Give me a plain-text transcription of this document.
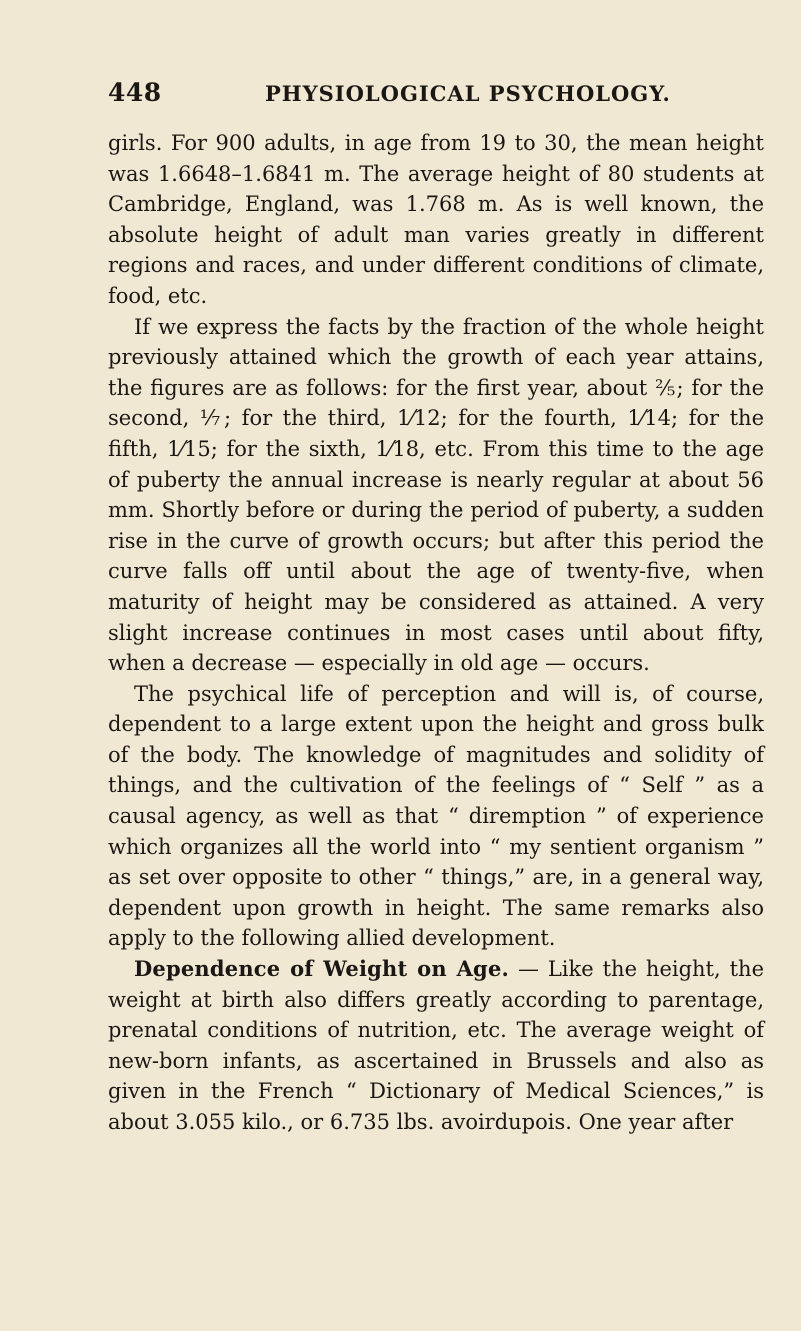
448	PHYSIOLOGICAL PSYCHOLOGY.

girls. For 900 adults, in age from 19 to 30, the mean height was 1.6648–1.6841 m. The average height of 80 students at Cambridge, England, was 1.768 m. As is well known, the absolute height of adult man varies greatly in different regions and races, and under different conditions of climate, food, etc.

If we express the facts by the fraction of the whole height previously attained which the growth of each year attains, the figures are as follows: for the first year, about ⅖; for the second, ⅐; for the third, 1⁄12; for the fourth, 1⁄14; for the fifth, 1⁄15; for the sixth, 1⁄18, etc. From this time to the age of puberty the annual increase is nearly regular at about 56 mm. Shortly before or during the period of puberty, a sudden rise in the curve of growth occurs; but after this period the curve falls off until about the age of twenty-five, when maturity of height may be considered as attained. A very slight increase continues in most cases until about fifty, when a decrease — especially in old age — occurs.

The psychical life of perception and will is, of course, dependent to a large extent upon the height and gross bulk of the body. The knowledge of magnitudes and solidity of things, and the cultivation of the feelings of “ Self ” as a causal agency, as well as that “ diremption ” of experience which organizes all the world into “ my sentient organism ” as set over opposite to other “ things,” are, in a general way, dependent upon growth in height. The same remarks also apply to the following allied development.

Dependence of Weight on Age. — Like the height, the weight at birth also differs greatly according to parentage, prenatal conditions of nutrition, etc. The average weight of new-born infants, as ascertained in Brussels and also as given in the French “ Dictionary of Medical Sciences,” is about 3.055 kilo., or 6.735 lbs. avoirdupois. One year after
